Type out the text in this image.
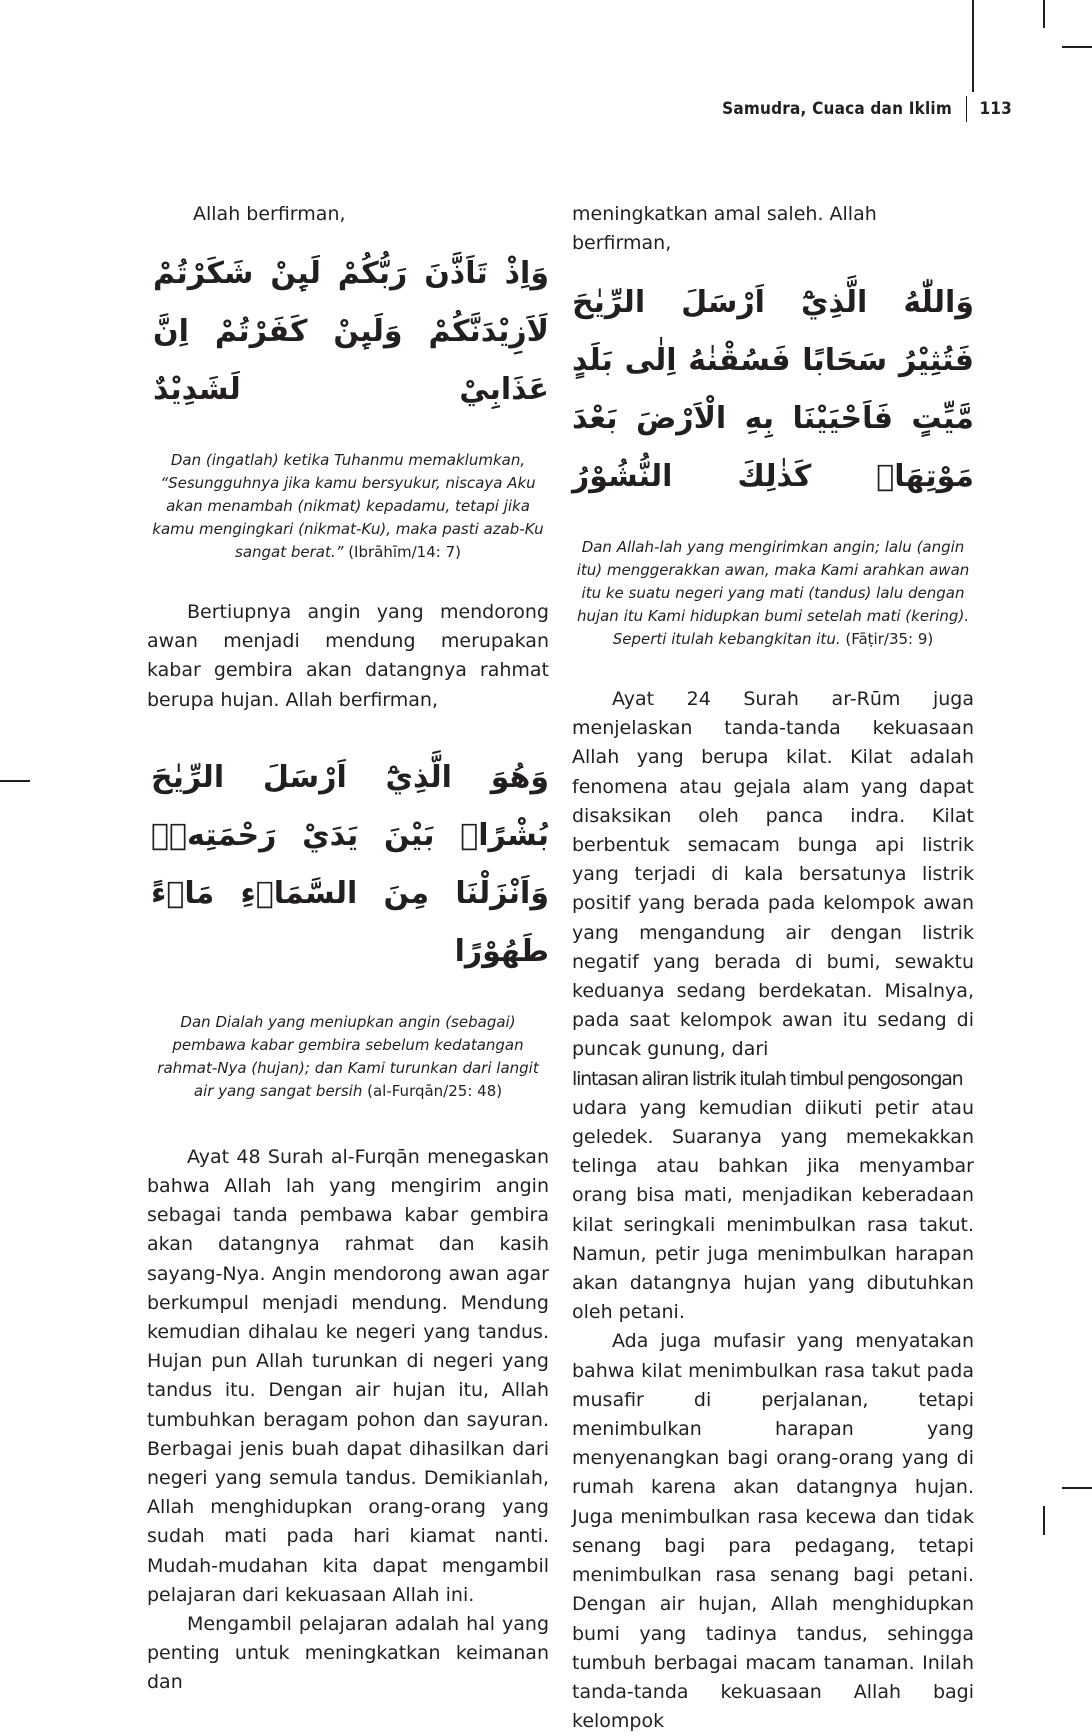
Samudra, Cuaca dan Iklim	113

Allah berfirman,

وَاِذْ تَاَذَّنَ رَبُّكُمْ لَىِٕنْ شَكَرْتُمْ لَاَزِيْدَنَّكُمْ وَلَىِٕنْ كَفَرْتُمْ اِنَّ عَذَابِيْ لَشَدِيْدٌ

Dan (ingatlah) ketika Tuhanmu memaklumkan, “Sesungguhnya jika kamu bersyukur, niscaya Aku akan menambah (nikmat) kepadamu, tetapi jika kamu mengingkari (nikmat-Ku), maka pasti azab-Ku sangat berat.” (Ibrāhīm/14: 7)

Bertiupnya angin yang mendorong awan menjadi mendung merupakan kabar gembira akan datangnya rahmat berupa hujan. Allah berfirman,

وَهُوَ الَّذِيْٓ اَرْسَلَ الرِّيٰحَ بُشْرًاۢ بَيْنَ يَدَيْ رَحْمَتِهٖۚ وَاَنْزَلْنَا مِنَ السَّمَاۤءِ مَاۤءً طَهُوْرًا

Dan Dialah yang meniupkan angin (sebagai) pembawa kabar gembira sebelum kedatangan rahmat-Nya (hujan); dan Kami turunkan dari langit air yang sangat bersih (al-Furqān/25: 48)

Ayat 48 Surah al-Furqān menegaskan bahwa Allah lah yang mengirim angin sebagai tanda pembawa kabar gembira akan datangnya rahmat dan kasih sayang-Nya. Angin mendorong awan agar berkumpul menjadi mendung. Mendung kemudian dihalau ke negeri yang tandus. Hujan pun Allah turunkan di negeri yang tandus itu. Dengan air hujan itu, Allah tumbuhkan beragam pohon dan sayuran. Berbagai jenis buah dapat dihasilkan dari negeri yang semula tandus. Demikianlah, Allah menghidupkan orang-orang yang sudah mati pada hari kiamat nanti. Mudah-mudahan kita dapat mengambil pelajaran dari kekuasaan Allah ini.

Mengambil pelajaran adalah hal yang penting untuk meningkatkan keimanan dan

meningkatkan amal saleh. Allah berfirman,

وَاللّٰهُ الَّذِيْٓ اَرْسَلَ الرِّيٰحَ فَتُثِيْرُ سَحَابًا فَسُقْنٰهُ اِلٰى بَلَدٍ مَّيِّتٍ فَاَحْيَيْنَا بِهِ الْاَرْضَ بَعْدَ مَوْتِهَاۗ كَذٰلِكَ النُّشُوْرُ

Dan Allah-lah yang mengirimkan angin; lalu (angin itu) menggerakkan awan, maka Kami arahkan awan itu ke suatu negeri yang mati (tandus) lalu dengan hujan itu Kami hidupkan bumi setelah mati (kering). Seperti itulah kebangkitan itu. (Fāṭir/35: 9)

Ayat 24 Surah ar-Rūm juga menjelaskan tanda-tanda kekuasaan Allah yang berupa kilat. Kilat adalah fenomena atau gejala alam yang dapat disaksikan oleh panca indra. Kilat berbentuk semacam bunga api listrik yang terjadi di kala bersatunya listrik positif yang berada pada kelompok awan yang mengandung air dengan listrik negatif yang berada di bumi, sewaktu keduanya sedang berdekatan. Misalnya, pada saat kelompok awan itu sedang di puncak gunung, dari

lintasan aliran listrik itulah timbul pengosongan

udara yang kemudian diikuti petir atau geledek. Suaranya yang memekakkan telinga atau bahkan jika menyambar orang bisa mati, menjadikan keberadaan kilat seringkali menimbulkan rasa takut. Namun, petir juga menimbulkan harapan akan datangnya hujan yang dibutuhkan oleh petani.

Ada juga mufasir yang menyatakan bahwa kilat menimbulkan rasa takut pada musafir di perjalanan, tetapi menimbulkan harapan yang menyenangkan bagi orang-orang yang di rumah karena akan datangnya hujan. Juga menimbulkan rasa kecewa dan tidak senang bagi para pedagang, tetapi menimbulkan rasa senang bagi petani. Dengan air hujan, Allah menghidupkan bumi yang tadinya tandus, sehingga tumbuh berbagai macam tanaman. Inilah tanda-tanda kekuasaan Allah bagi kelompok
